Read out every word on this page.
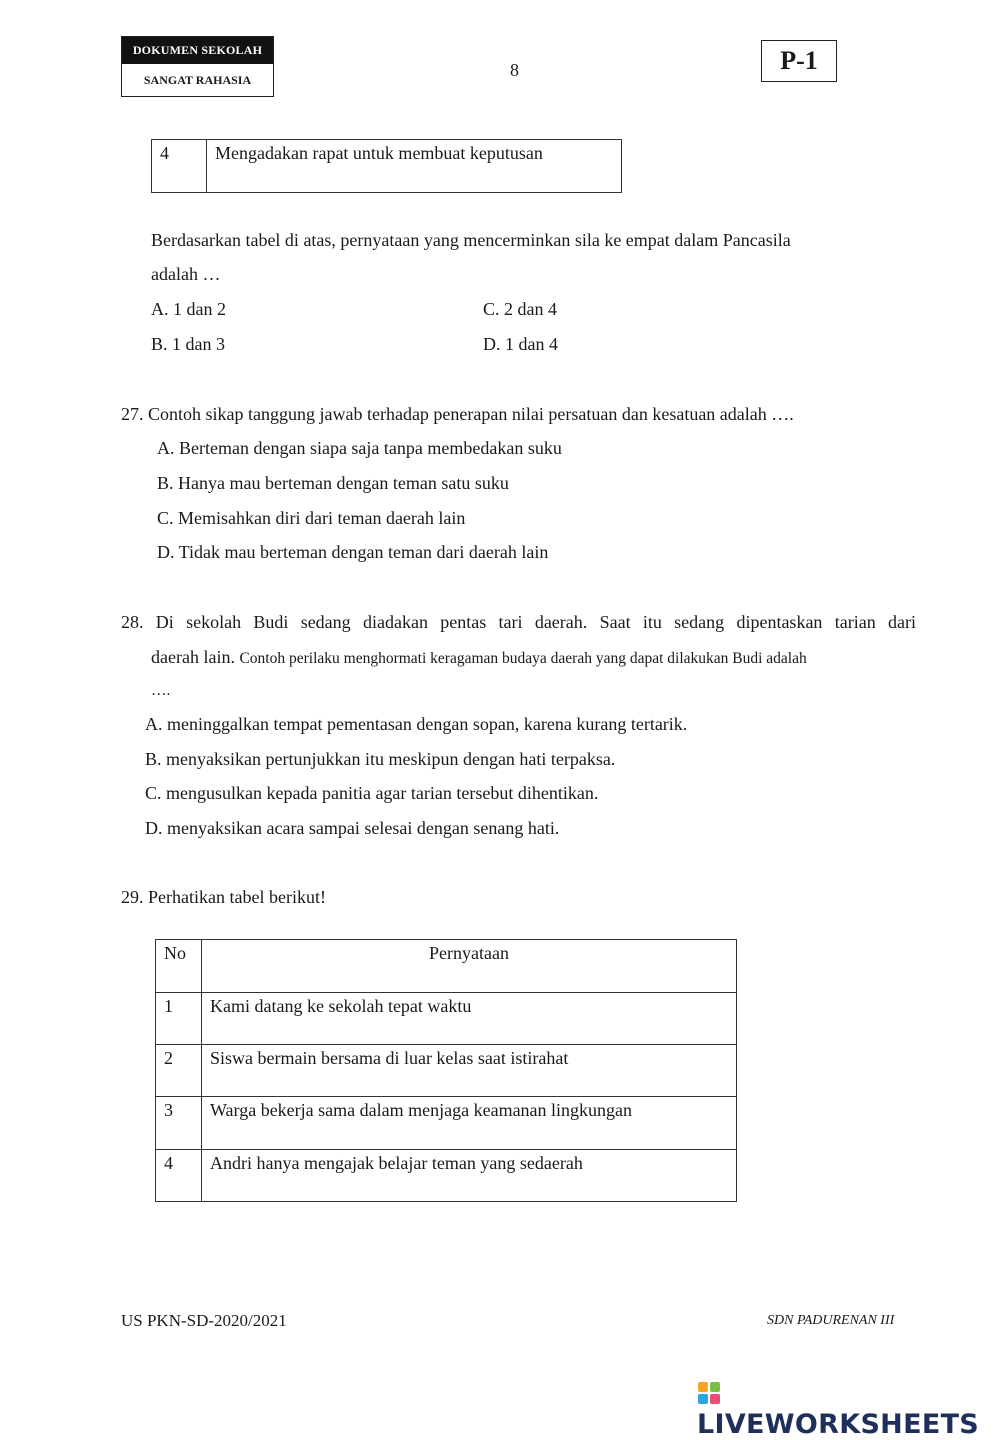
DOKUMEN SEKOLAH
SANGAT RAHASIA	8	P-1
4	Mengadakan rapat untuk membuat keputusan
Berdasarkan tabel di atas, pernyataan yang mencerminkan sila ke empat dalam Pancasila
adalah …
A. 1 dan 2
B. 1 dan 3
C. 2 dan 4
D. 1 dan 4
27. Contoh sikap tanggung jawab terhadap penerapan nilai persatuan dan kesatuan adalah ….
A. Berteman dengan siapa saja tanpa membedakan suku
B. Hanya mau berteman dengan teman satu suku
C. Memisahkan diri dari teman daerah lain
D. Tidak mau berteman dengan teman dari daerah lain
28. Di sekolah Budi sedang diadakan pentas tari daerah. Saat itu sedang dipentaskan tarian dari
daerah lain. Contoh perilaku menghormati keragaman budaya daerah yang dapat dilakukan Budi adalah
….
A. meninggalkan tempat pementasan dengan sopan, karena kurang tertarik.
B. menyaksikan pertunjukkan itu meskipun dengan hati terpaksa.
C. mengusulkan kepada panitia agar tarian tersebut dihentikan.
D. menyaksikan acara sampai selesai dengan senang hati.
29. Perhatikan tabel berikut!
No	Pernyataan
1	Kami datang ke sekolah tepat waktu
2	Siswa bermain bersama di luar kelas saat istirahat
3	Warga bekerja sama dalam menjaga keamanan lingkungan
4	Andri hanya mengajak belajar teman yang sedaerah
US PKN-SD-2020/2021	SDN PADURENAN III
LIVEWORKSHEETS
